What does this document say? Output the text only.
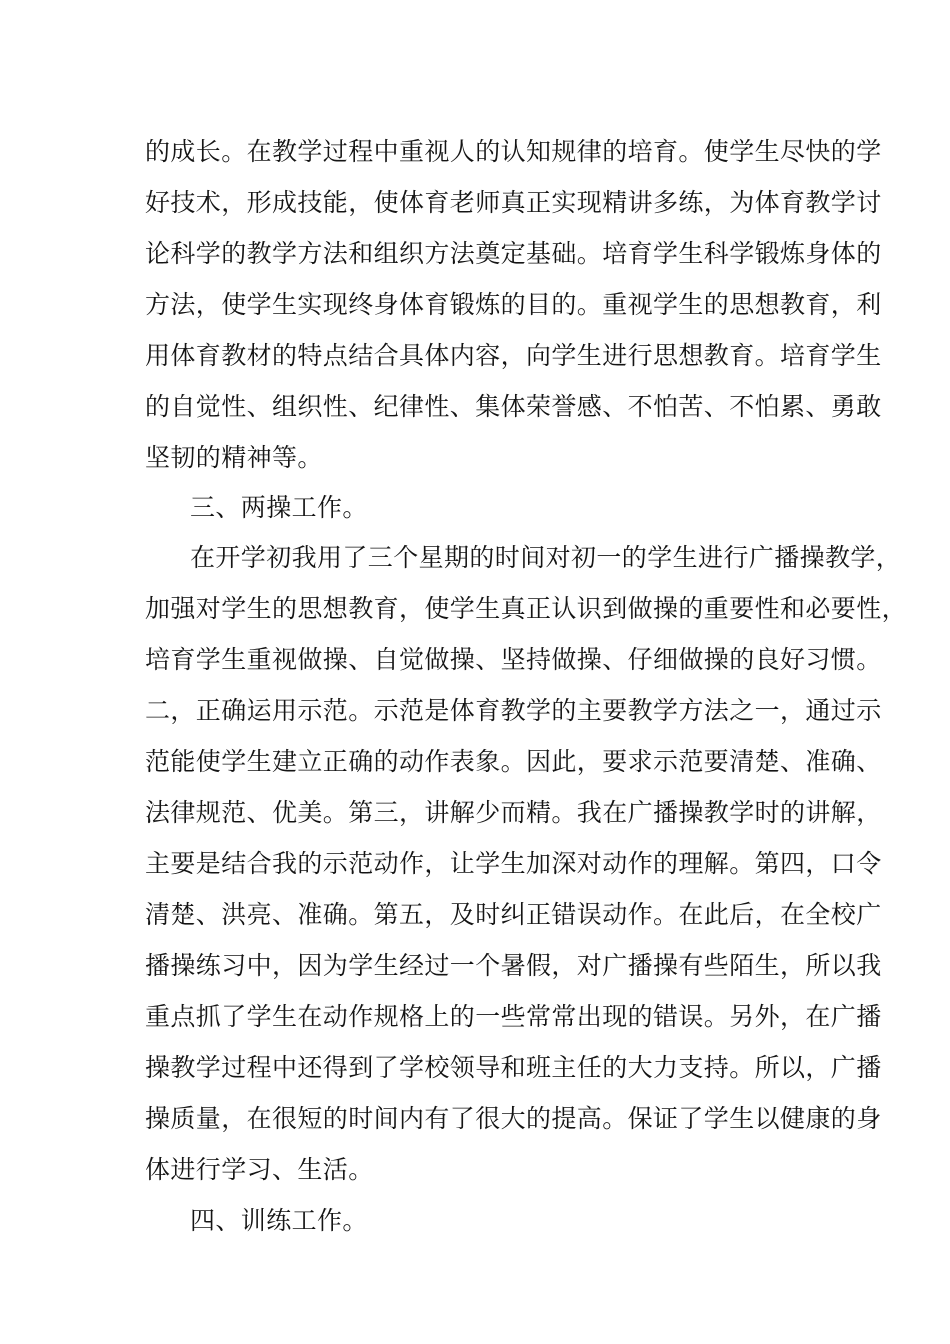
的成长。在教学过程中重视人的认知规律的培育。使学生尽快的学
好技术，形成技能，使体育老师真正实现精讲多练，为体育教学讨
论科学的教学方法和组织方法奠定基础。培育学生科学锻炼身体的
方法，使学生实现终身体育锻炼的目的。重视学生的思想教育，利
用体育教材的特点结合具体内容，向学生进行思想教育。培育学生
的自觉性、组织性、纪律性、集体荣誉感、不怕苦、不怕累、勇敢
坚韧的精神等。
三、两操工作。
在开学初我用了三个星期的时间对初一的学生进行广播操教学，
加强对学生的思想教育，使学生真正认识到做操的重要性和必要性，
培育学生重视做操、自觉做操、坚持做操、仔细做操的良好习惯。
二，正确运用示范。示范是体育教学的主要教学方法之一，通过示
范能使学生建立正确的动作表象。因此，要求示范要清楚、准确、
法律规范、优美。第三，讲解少而精。我在广播操教学时的讲解，
主要是结合我的示范动作，让学生加深对动作的理解。第四，口令
清楚、洪亮、准确。第五，及时纠正错误动作。在此后，在全校广
播操练习中，因为学生经过一个暑假，对广播操有些陌生，所以我
重点抓了学生在动作规格上的一些常常出现的错误。另外，在广播
操教学过程中还得到了学校领导和班主任的大力支持。所以，广播
操质量，在很短的时间内有了很大的提高。保证了学生以健康的身
体进行学习、生活。
四、训练工作。
